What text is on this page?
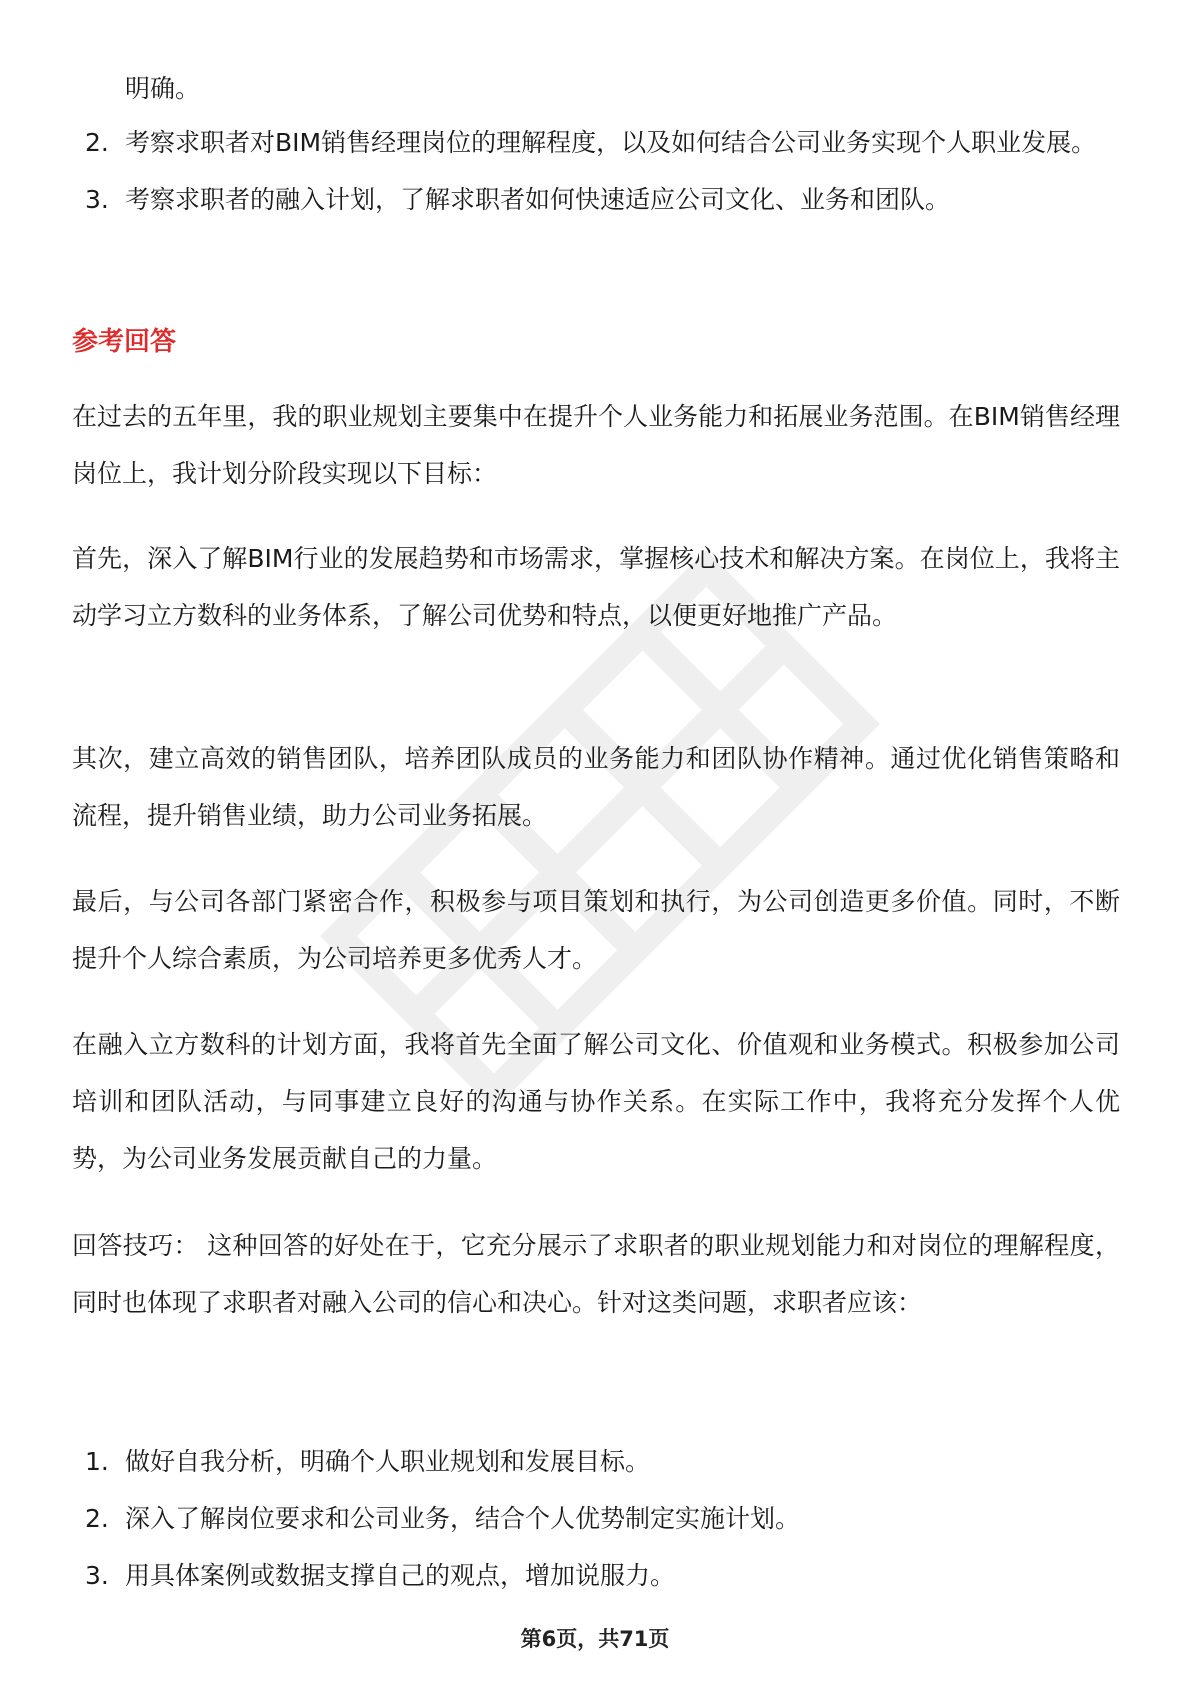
明确。
2. 考察求职者对BIM销售经理岗位的理解程度，以及如何结合公司业务实现个人职业发展。
3. 考察求职者的融入计划，了解求职者如何快速适应公司文化、业务和团队。
参考回答

在过去的五年里，我的职业规划主要集中在提升个人业务能力和拓展业务范围。在BIM销售经理岗位上，我计划分阶段实现以下目标：

首先，深入了解BIM行业的发展趋势和市场需求，掌握核心技术和解决方案。在岗位上，我将主动学习立方数科的业务体系，了解公司优势和特点，以便更好地推广产品。

其次，建立高效的销售团队，培养团队成员的业务能力和团队协作精神。通过优化销售策略和流程，提升销售业绩，助力公司业务拓展。

最后，与公司各部门紧密合作，积极参与项目策划和执行，为公司创造更多价值。同时，不断提升个人综合素质，为公司培养更多优秀人才。

在融入立方数科的计划方面，我将首先全面了解公司文化、价值观和业务模式。积极参加公司培训和团队活动，与同事建立良好的沟通与协作关系。在实际工作中，我将充分发挥个人优势，为公司业务发展贡献自己的力量。

回答技巧： 这种回答的好处在于，它充分展示了求职者的职业规划能力和对岗位的理解程度，同时也体现了求职者对融入公司的信心和决心。针对这类问题，求职者应该：

1. 做好自我分析，明确个人职业规划和发展目标。
2. 深入了解岗位要求和公司业务，结合个人优势制定实施计划。
3. 用具体案例或数据支撑自己的观点，增加说服力。
第6页，共71页
